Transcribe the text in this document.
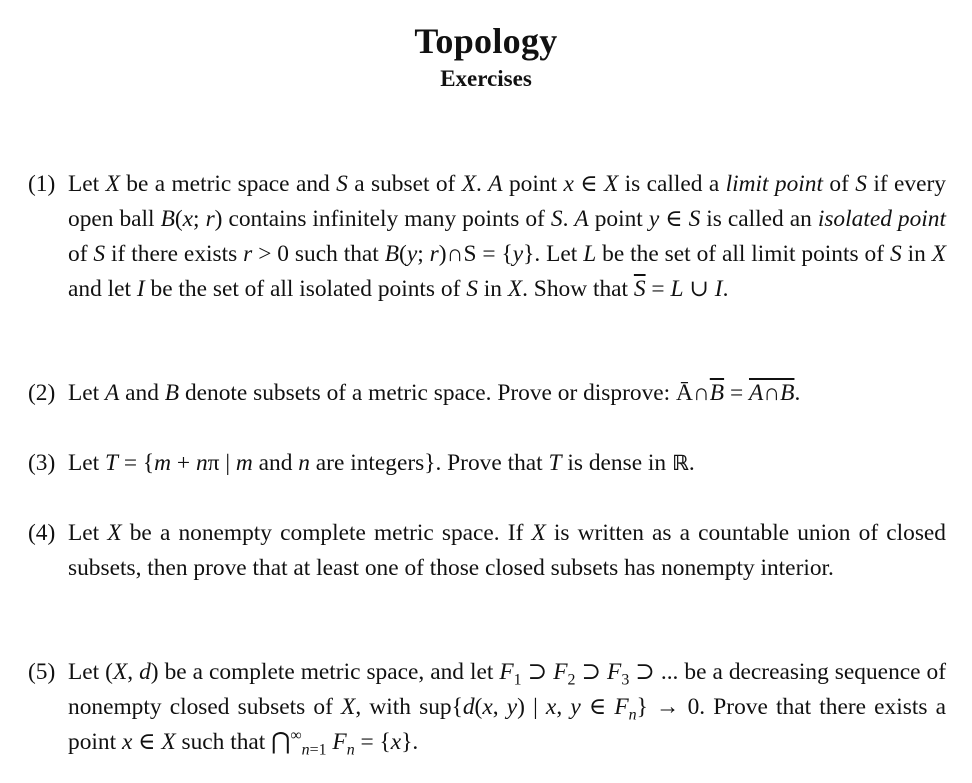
Topology
Exercises
(1) Let X be a metric space and S a subset of X. A point x ∈ X is called a limit point of S if every open ball B(x; r) contains infinitely many points of S. A point y ∈ S is called an isolated point of S if there exists r > 0 such that B(y; r)∩S = {y}. Let L be the set of all limit points of S in X and let I be the set of all isolated points of S in X. Show that $\overline{S} = L$ ∪ I.
(2) Let A and B denote subsets of a metric space. Prove or disprove: $Ā\cap\overline{B}$ = A∩B.
(3) Let T = {m + nπ | m and n are integers}. Prove that T is dense in ℝ.
(4) Let X be a nonempty complete metric space. If X is written as a countable union of closed subsets, then prove that at least one of those closed subsets has nonempty interior.
(5) Let (X, d) be a complete metric space, and let $F_1$ ⊃ $F_2$ ⊃ $F_3$ ⊃ ... be a decreasing sequence of nonempty closed subsets of X, with sup{d(x, y) | x, y ∈ $F_n\} \to 0$. Prove that there exists a point x ∈ X such that $⋂^\infty_{n=1}$ $F_n = \{x\}$.
